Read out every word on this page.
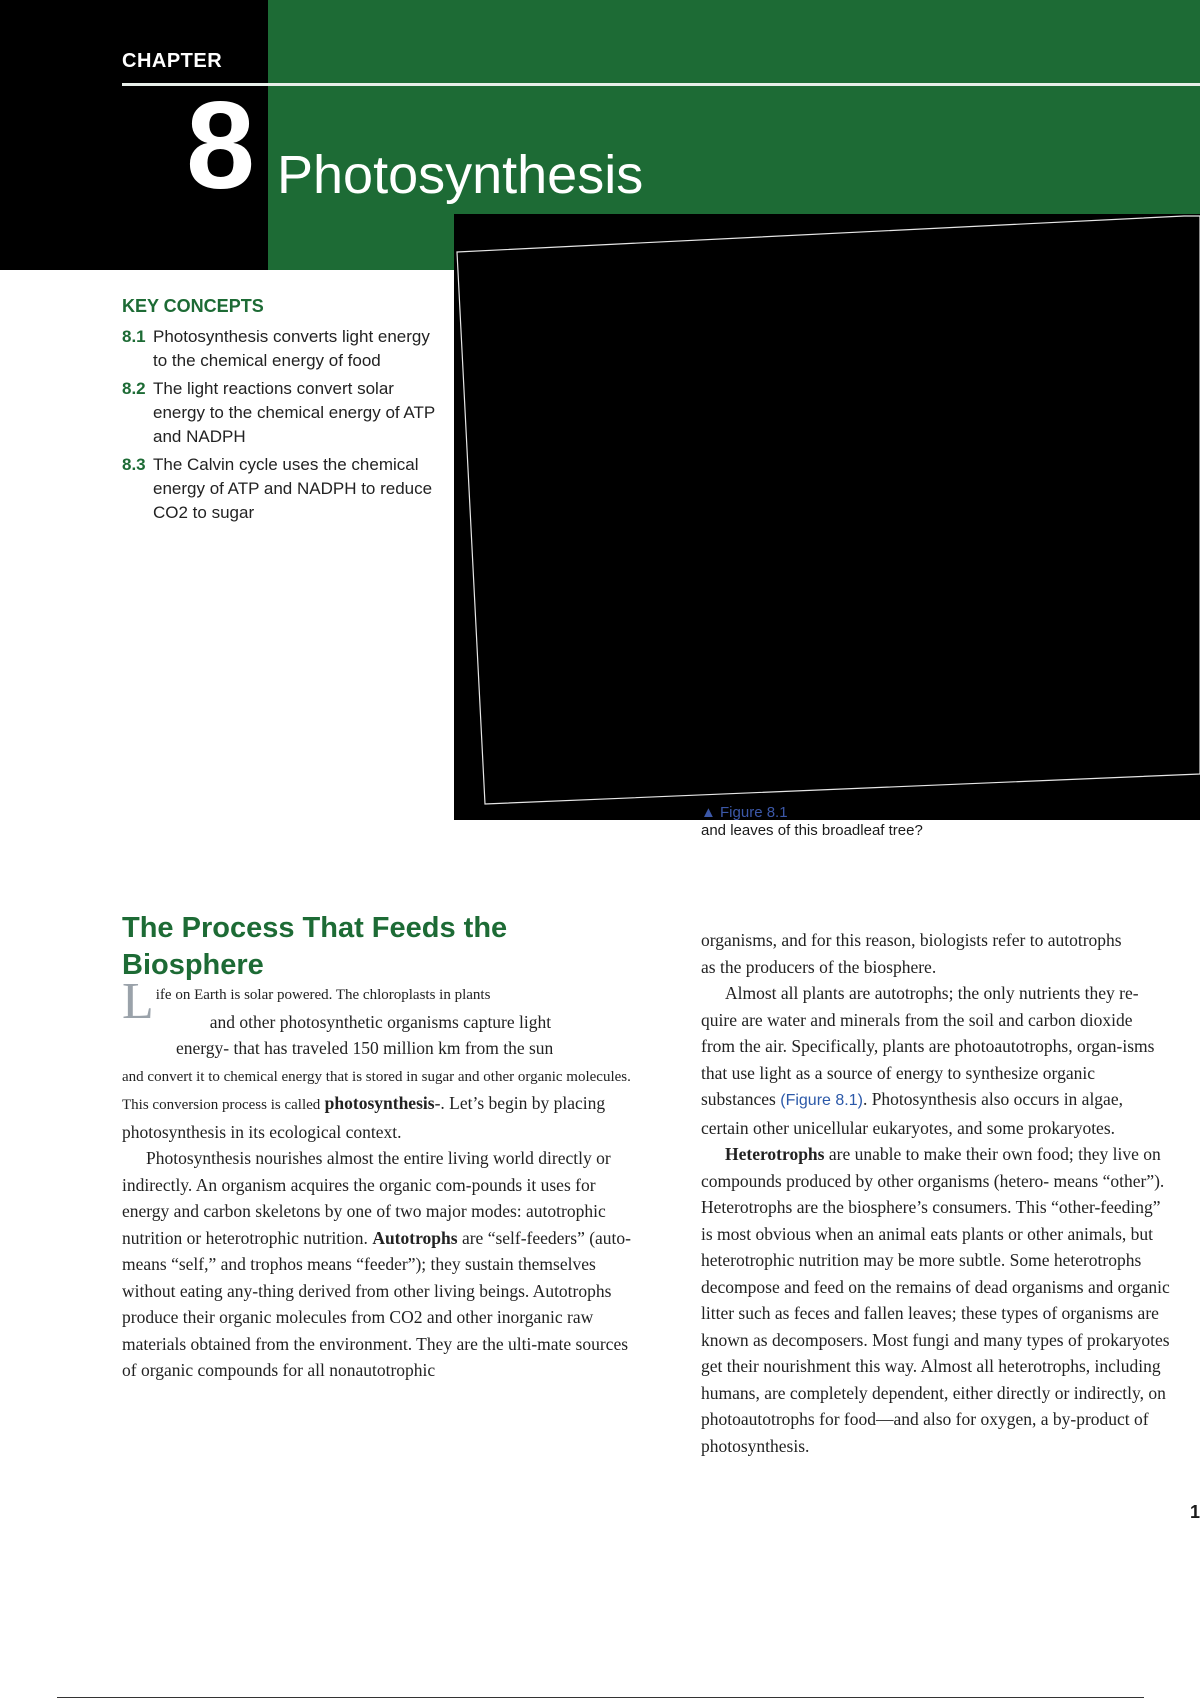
CHAPTER
8 Photosynthesis
▲ Figure 8.1
and leaves of this broadleaf tree?
KEY CONCEPTS
8.1 Photosynthesis converts light energy to the chemical energy of food
8.2 The light reactions convert solar energy to the chemical energy of ATP and NADPH
8.3 The Calvin cycle uses the chemical energy of ATP and NADPH to reduce CO2 to sugar
The Process That Feeds the Biosphere

Life on Earth is solar powered. The chloroplasts in plants
and other photosynthetic organisms capture light
energy- that has traveled 150 million km from the sun
and convert it to chemical energy that is stored in sugar and other organic molecules. This conversion process is called photosynthesis-. Let’s begin by placing photosynthesis in its ecological context.

Photosynthesis nourishes almost the entire living world directly or indirectly. An organism acquires the organic com-pounds it uses for energy and carbon skeletons by one of two major modes: autotrophic nutrition or heterotrophic nutrition. Autotrophs are “self-feeders” (auto- means “self,” and trophos means “feeder”); they sustain themselves without eating any-thing derived from other living beings. Autotrophs produce their organic molecules from CO2 and other inorganic raw materials obtained from the environment. They are the ulti-mate sources of organic compounds for all nonautotrophic

organisms, and for this reason, biologists refer to autotrophs
as the producers of the biosphere.
Almost all plants are autotrophs; the only nutrients they re-
quire are water and minerals from the soil and carbon dioxide
from the air. Specifically, plants are photoautotrophs, organ-isms
that use light as a source of energy to synthesize organic
substances (Figure 8.1). Photosynthesis also occurs in algae,
certain other unicellular eukaryotes, and some prokaryotes.
Heterotrophs are unable to make their own food; they live on
compounds produced by other organisms (hetero- means “other”).
Heterotrophs are the biosphere’s consumers. This “other-feeding”
is most obvious when an animal eats plants or other animals, but
heterotrophic nutrition may be more subtle. Some heterotrophs
decompose and feed on the remains of dead organisms and organic
litter such as feces and fallen leaves; these types of organisms are
known as decomposers. Most fungi and many types of prokaryotes
get their nourishment this way. Almost all heterotrophs, including
humans, are completely dependent, either directly or indirectly, on
photoautotrophs for food—and also for oxygen, a by-product of
photosynthesis.
1
